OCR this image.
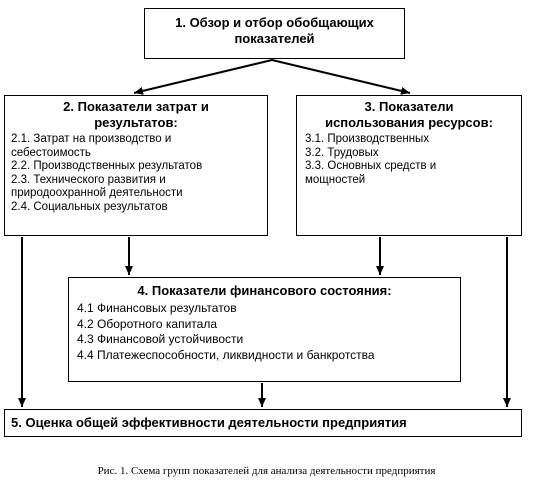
1. Обзор и отбор обобщающих
показателей
2. Показатели затрат и
результатов:
2.1. Затрат на производство и
себестоимость
2.2. Производственных результатов
2.3. Технического развития и
природоохранной деятельности
2.4. Социальных результатов
3. Показатели
использования ресурсов:
3.1. Производственных
3.2. Трудовых
3.3. Основных средств и
мощностей
4. Показатели финансового состояния:
4.1 Финансовых результатов
4.2 Оборотного капитала
4.3 Финансовой устойчивости
4.4 Платежеспособности, ликвидности и банкротства
5. Оценка общей эффективности деятельности предприятия
Рис. 1. Схема групп показателей для анализа деятельности предприятия
